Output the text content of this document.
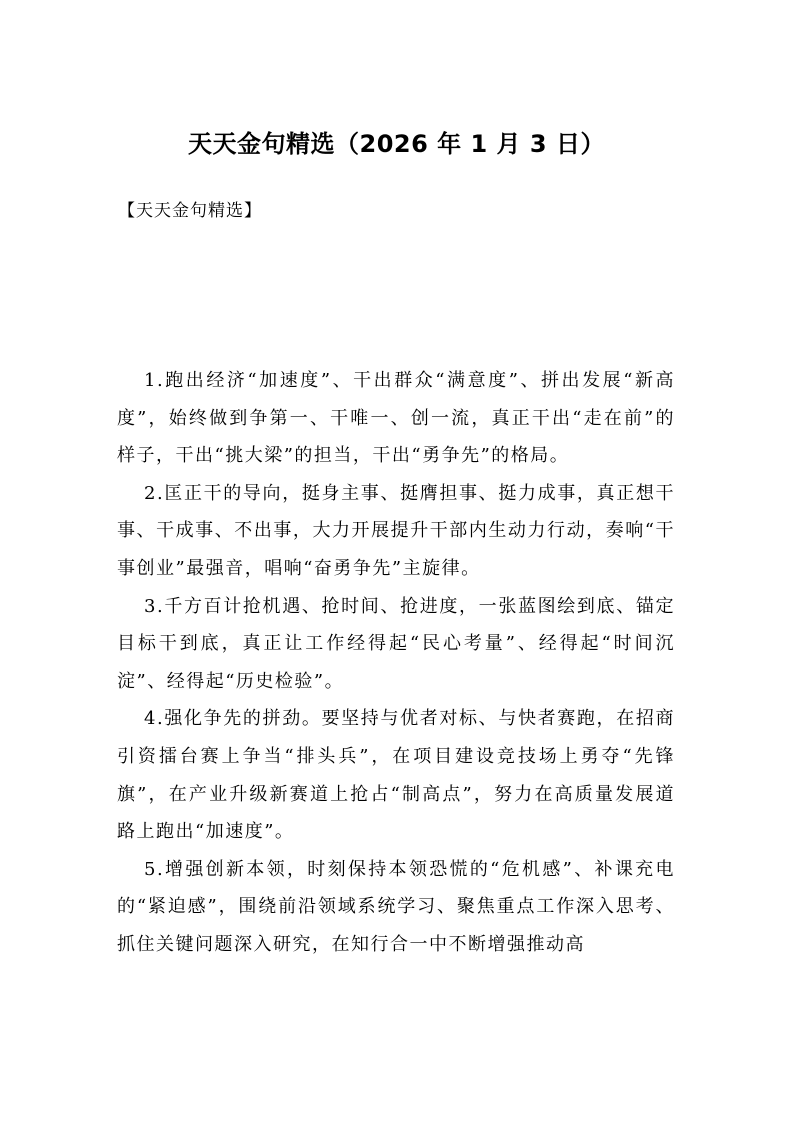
天天金句精选（2026 年 1 月 3 日）

【天天金句精选】

1.跑出经济“加速度”、干出群众“满意度”、拼出发展“新高度”，始终做到争第一、干唯一、创一流，真正干出“走在前”的样子，干出“挑大梁”的担当，干出“勇争先”的格局。

2.匡正干的导向，挺身主事、挺膺担事、挺力成事，真正想干事、干成事、不出事，大力开展提升干部内生动力行动，奏响“干事创业”最强音，唱响“奋勇争先”主旋律。

3.千方百计抢机遇、抢时间、抢进度，一张蓝图绘到底、锚定目标干到底，真正让工作经得起“民心考量”、经得起“时间沉淀”、经得起“历史检验”。

4.强化争先的拼劲。要坚持与优者对标、与快者赛跑，在招商引资擂台赛上争当“排头兵”，在项目建设竞技场上勇夺“先锋旗”，在产业升级新赛道上抢占“制高点”，努力在高质量发展道路上跑出“加速度”。

5.增强创新本领，时刻保持本领恐慌的“危机感”、补课充电的“紧迫感”，围绕前沿领域系统学习、聚焦重点工作深入思考、抓住关键问题深入研究，在知行合一中不断增强推动高
